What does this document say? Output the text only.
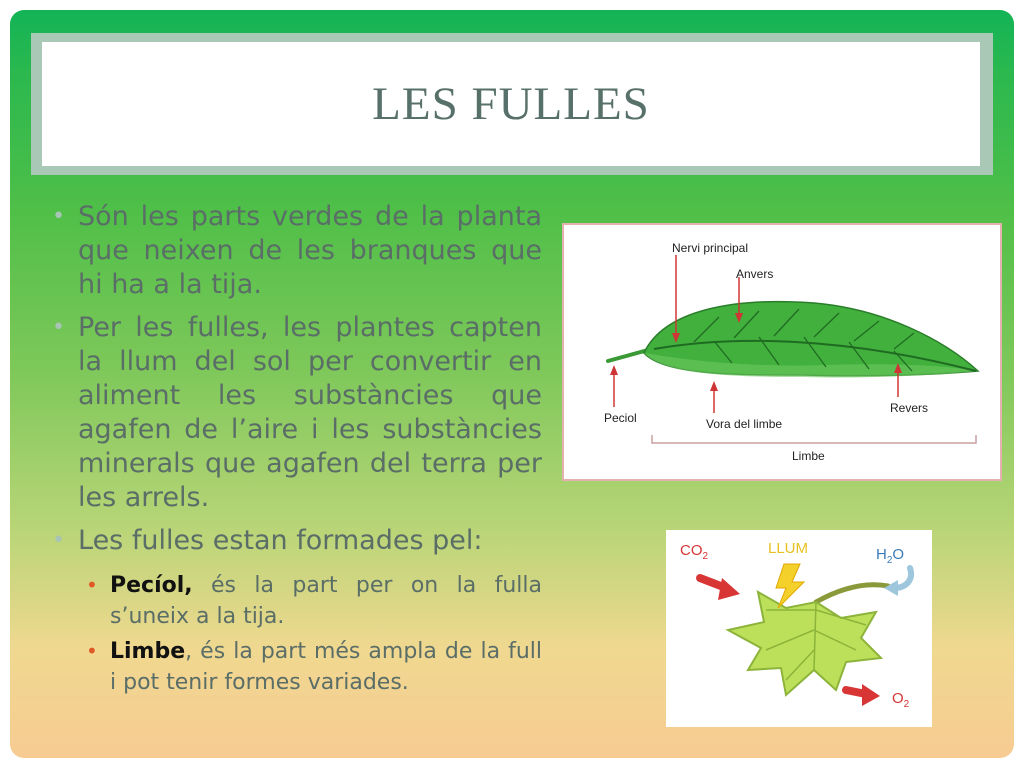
LES FULLES
• Són les parts verdes de la planta que neixen de les branques que hi ha a la tija.
• Per les fulles, les plantes capten la llum del sol per convertir en aliment les substàncies que agafen de l’aire i les substàncies minerals que agafen del terra per les arrels.
• Les fulles estan formades pel:
• Pecíol, és la part per on la fulla s’uneix a la tija.
• Limbe, és la part més ampla de la full i pot tenir formes variades.
Nervi principal
Anvers
Peciol	Vora del limbe
Revers
Limbe
$CO_2$	LLUM	$H_2O$
$O_2$
